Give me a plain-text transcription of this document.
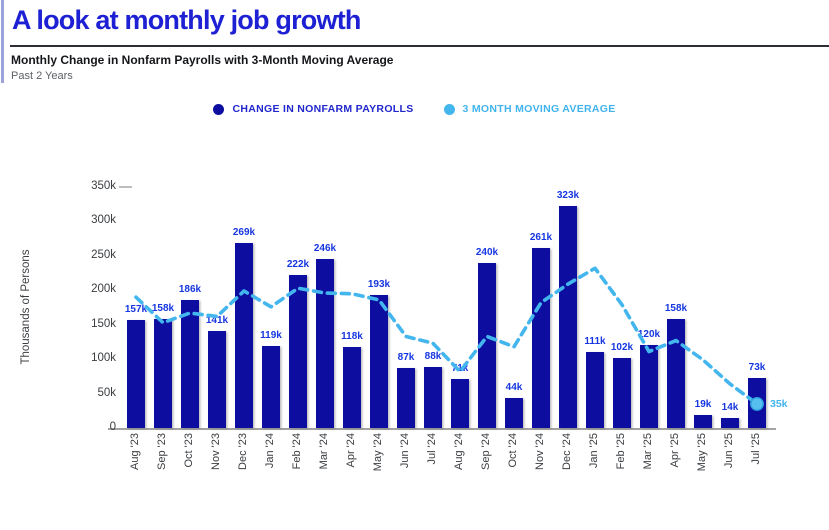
A look at monthly job growth
Monthly Change in Nonfarm Payrolls with 3-Month Moving Average
Past 2 Years
CHANGE IN NONFARM PAYROLLS	3 MONTH MOVING AVERAGE
Thousands of Persons
0
50k
100k
150k
200k
250k
300k
350k
157k 158k
186k
141k
269k
119k
222k
246k
118k
193k
87k	88k
71k
240k
44k
261k
323k
111k
102k
120k
158k
19k	14k
73k
Aug '23 Sep '23 Oct '23 Nov '23 Dec '23 Jan '24 Feb '24 Mar '24 Apr '24 May '24 Jun '24 Jul '24 Aug '24 Sep '24 Oct '24 Nov '24 Dec '24 Jan '25 Feb '25 Mar '25 Apr '25 May '25 Jun '25 Jul '25
35k
